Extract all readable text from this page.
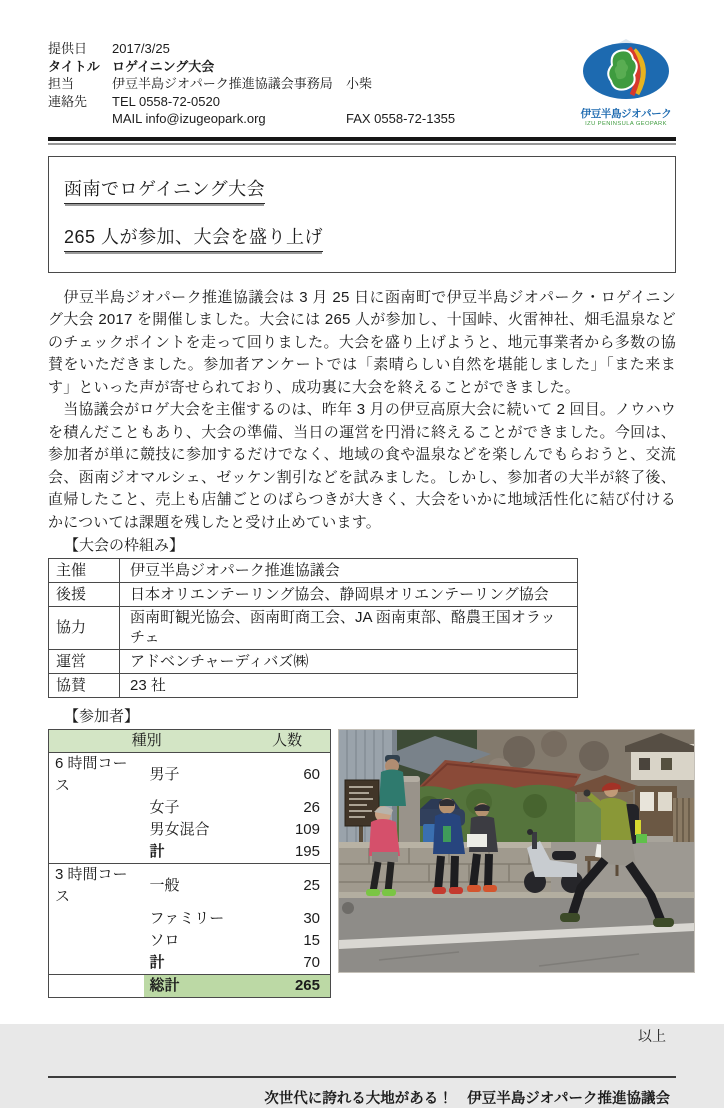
提供日	2017/3/25
タイトル ロゲイニング大会
担当	伊豆半島ジオパーク推進協議会事務局 小柴
連絡先	TEL 0558-72-0520
MAIL info@izugeopark.org	FAX 0558-72-1355	伊豆半島ジオパーク
IZU PENINSULA GEOPARK
函南でロゲイニング大会
265 人が参加、大会を盛り上げ

　伊豆半島ジオパーク推進協議会は 3 月 25 日に函南町で伊豆半島ジオパーク・ロゲイニング大会 2017 を開催しました。大会には 265 人が参加し、十国峠、火雷神社、畑毛温泉などのチェックポイントを走って回りました。大会を盛り上げようと、地元事業者から多数の協賛をいただきました。参加者アンケートでは「素晴らしい自然を堪能しました」「また来ます」といった声が寄せられており、成功裏に大会を終えることができました。

　当協議会がロゲ大会を主催するのは、昨年 3 月の伊豆高原大会に続いて 2 回目。ノウハウを積んだこともあり、大会の準備、当日の運営を円滑に終えることができました。今回は、参加者が単に競技に参加するだけでなく、地域の食や温泉などを楽しんでもらおうと、交流会、函南ジオマルシェ、ゼッケン割引などを試みました。しかし、参加者の大半が終了後、直帰したこと、売上も店舗ごとのばらつきが大きく、大会をいかに地域活性化に結び付けるかについては課題を残したと受け止めています。

【大会の枠組み】
主催	伊豆半島ジオパーク推進協議会
後援	日本オリエンテーリング協会、静岡県オリエンテーリング協会
協力	函南町観光協会、函南町商工会、JA 函南東部、酪農王国オラッチェ
運営	アドベンチャーディバズ㈱
協賛	23 社
【参加者】
種別		人数
6 時間コース	男子	60
	女子	26
	男女混合	109
	計	195
3 時間コース	一般	25
	ファミリー	30
	ソロ	15
	計	70
	総計	265
以上
次世代に誇れる大地がある！　伊豆半島ジオパーク推進協議会
